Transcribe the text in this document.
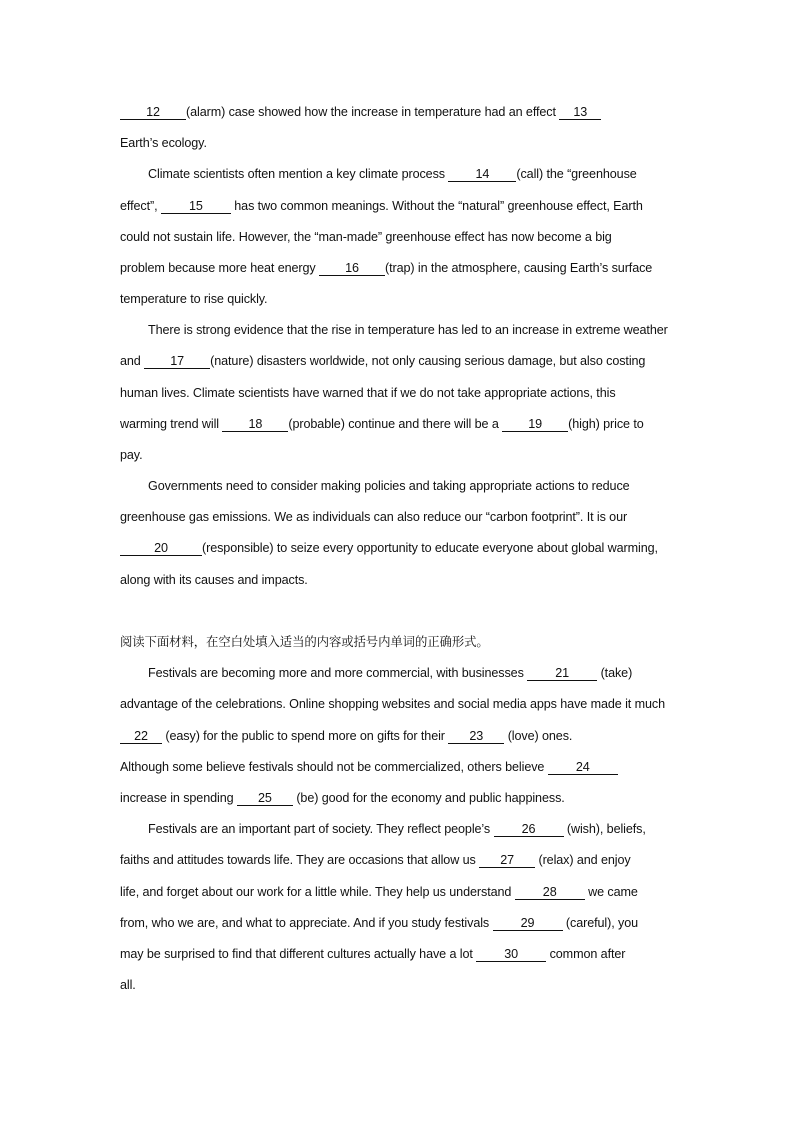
12 (alarm) case showed how the increase in temperature had an effect 13
Earth’s ecology.
Climate scientists often mention a key climate process 14 (call) the “greenhouse
effect”, 15 has two common meanings. Without the “natural” greenhouse effect, Earth
could not sustain life. However, the “man-made” greenhouse effect has now become a big
problem because more heat energy 16 (trap) in the atmosphere, causing Earth’s surface
temperature to rise quickly.
There is strong evidence that the rise in temperature has led to an increase in extreme weather
and 17 (nature) disasters worldwide, not only causing serious damage, but also costing
human lives. Climate scientists have warned that if we do not take appropriate actions, this
warming trend will 18 (probable) continue and there will be a 19 (high) price to
pay.
Governments need to consider making policies and taking appropriate actions to reduce
greenhouse gas emissions. We as individuals can also reduce our “carbon footprint”. It is our
20	(responsible) to seize every opportunity to educate everyone about global warming,
along with its causes and impacts.
阅读下面材料，在空白处填入适当的内容或括号内单词的正确形式。
Festivals are becoming more and more commercial, with businesses 21 (take)
advantage of the celebrations. Online shopping websites and social media apps have made it much
22 (easy) for the public to spend more on gifts for their 23 (love) ones.
Although some believe festivals should not be commercialized, others believe 24
increase in spending 25 (be) good for the economy and public happiness.
Festivals are an important part of society. They reflect people’s 26 (wish), beliefs,
faiths and attitudes towards life. They are occasions that allow us 27 (relax) and enjoy
life, and forget about our work for a little while. They help us understand 28 we came
from, who we are, and what to appreciate. And if you study festivals 29 (careful), you
may be surprised to find that different cultures actually have a lot 30 common after
all.
